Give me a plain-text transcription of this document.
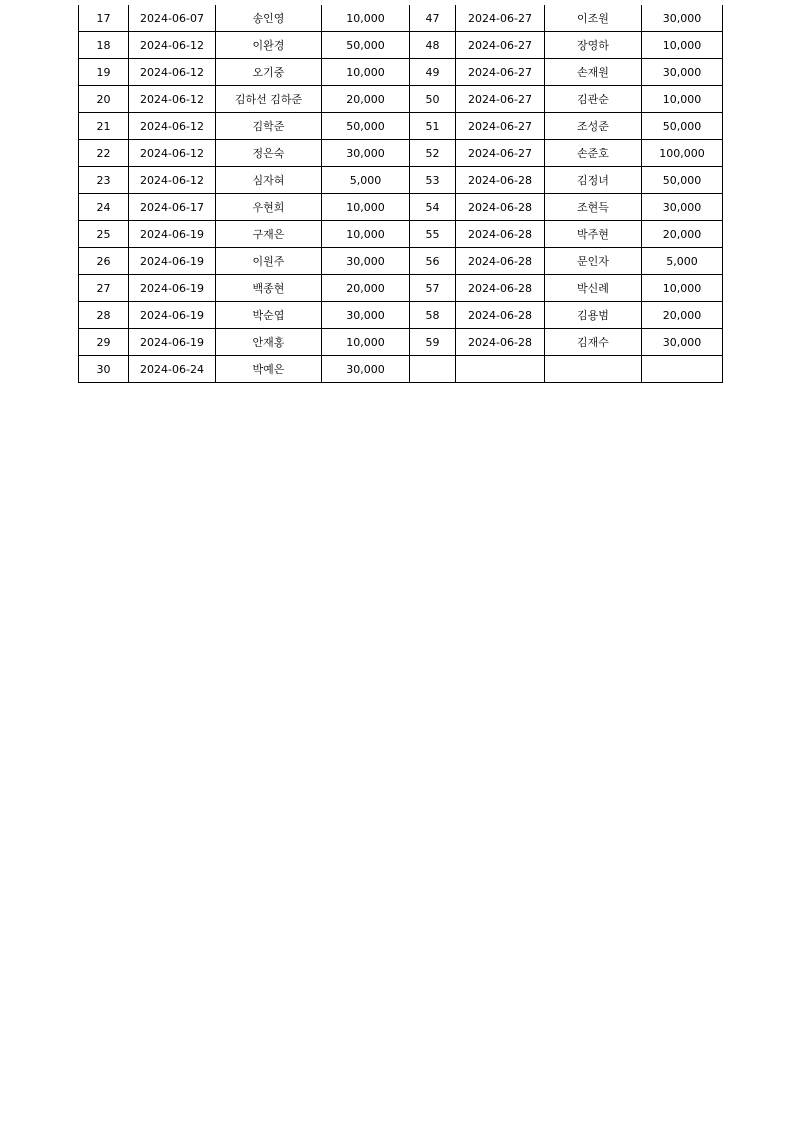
17	2024-06-07	송인영	10,000	47	2024-06-27	이조원	30,000
18	2024-06-12	이완경	50,000	48	2024-06-27	장영하	10,000
19	2024-06-12	오기중	10,000	49	2024-06-27	손재원	30,000
20	2024-06-12	김하선 김하준	20,000	50	2024-06-27	김관순	10,000
21	2024-06-12	김학준	50,000	51	2024-06-27	조성준	50,000
22	2024-06-12	정은숙	30,000	52	2024-06-27	손준호	100,000
23	2024-06-12	심자혀	5,000	53	2024-06-28	김정녀	50,000
24	2024-06-17	우현희	10,000	54	2024-06-28	조현득	30,000
25	2024-06-19	구재은	10,000	55	2024-06-28	박주현	20,000
26	2024-06-19	이원주	30,000	56	2024-06-28	문인자	5,000
27	2024-06-19	백종현	20,000	57	2024-06-28	박신례	10,000
28	2024-06-19	박순엽	30,000	58	2024-06-28	김용범	20,000
29	2024-06-19	안재홍	10,000	59	2024-06-28	김재수	30,000
30	2024-06-24	박예은	30,000				
